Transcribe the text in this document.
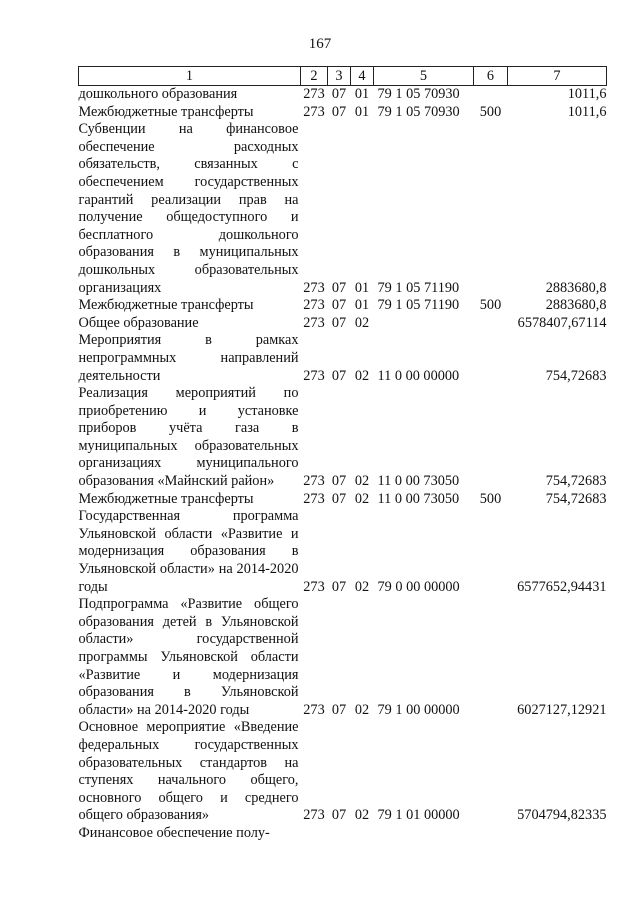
167
1	2	3	4	5	6	7
дошкольного образования	273	07	01	79 1 05 70930		1011,6
Межбюджетные трансферты	273	07	01	79 1 05 70930	500	1011,6
Субвенции на финансовое обеспечение расходных обязательств, связанных с обеспечением государственных гарантий реализации прав на получение общедоступного и бесплатного дошкольного образования в муниципальных дошкольных образовательных организациях	273	07	01	79 1 05 71190		2883680,8
Межбюджетные трансферты	273	07	01	79 1 05 71190	500	2883680,8
Общее образование	273	07	02			6578407,67114
Мероприятия в рамках непрограммных направлений деятельности	273	07	02	11 0 00 00000		754,72683
Реализация мероприятий по приобретению и установке приборов учёта газа в муниципальных образовательных организациях муниципального образования «Майнский район»	273	07	02	11 0 00 73050		754,72683
Межбюджетные трансферты	273	07	02	11 0 00 73050	500	754,72683
Государственная программа Ульяновской области «Развитие и модернизация образования в Ульяновской области» на 2014-2020 годы	273	07	02	79 0 00 00000		6577652,94431
Подпрограмма «Развитие общего образования детей в Ульяновской области» государственной программы Ульяновской области «Развитие и модернизация образования в Ульяновской области» на 2014-2020 годы	273	07	02	79 1 00 00000		6027127,12921
Основное мероприятие «Введение федеральных государственных образовательных стандартов на ступенях начального общего, основного общего и среднего общего образования»	273	07	02	79 1 01 00000		5704794,82335
Финансовое обеспечение полу-						
